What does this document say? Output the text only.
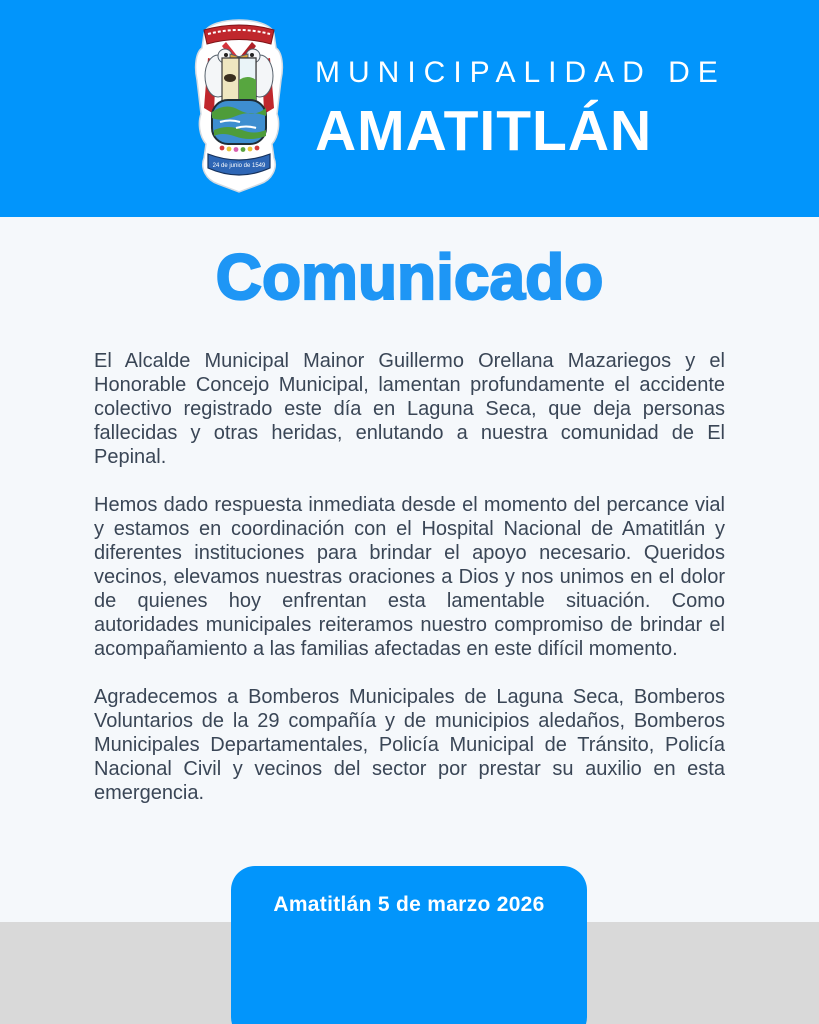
24 de junio de 1549
MUNICIPALIDAD DE
AMATITLÁN
Comunicado

El Alcalde Municipal Mainor Guillermo Orellana Mazariegos y el Honorable Concejo Municipal, lamentan profundamente el accidente colectivo registrado este día en Laguna Seca, que deja personas fallecidas y otras heridas, enlutando a nuestra comunidad de El Pepinal.

Hemos dado respuesta inmediata desde el momento del percance vial y estamos en coordinación con el Hospital Nacional de Amatitlán y diferentes instituciones para brindar el apoyo necesario. Queridos vecinos, elevamos nuestras oraciones a Dios y nos unimos en el dolor de quienes hoy enfrentan esta lamentable situación. Como autoridades municipales reiteramos nuestro compromiso de brindar el acompañamiento a las familias afectadas en este difícil momento.

Agradecemos a Bomberos Municipales de Laguna Seca, Bomberos Voluntarios de la 29 compañía y de municipios aledaños, Bomberos Municipales Departamentales, Policía Municipal de Tránsito, Policía Nacional Civil y vecinos del sector por prestar su auxilio en esta emergencia.

Amatitlán 5 de marzo 2026
